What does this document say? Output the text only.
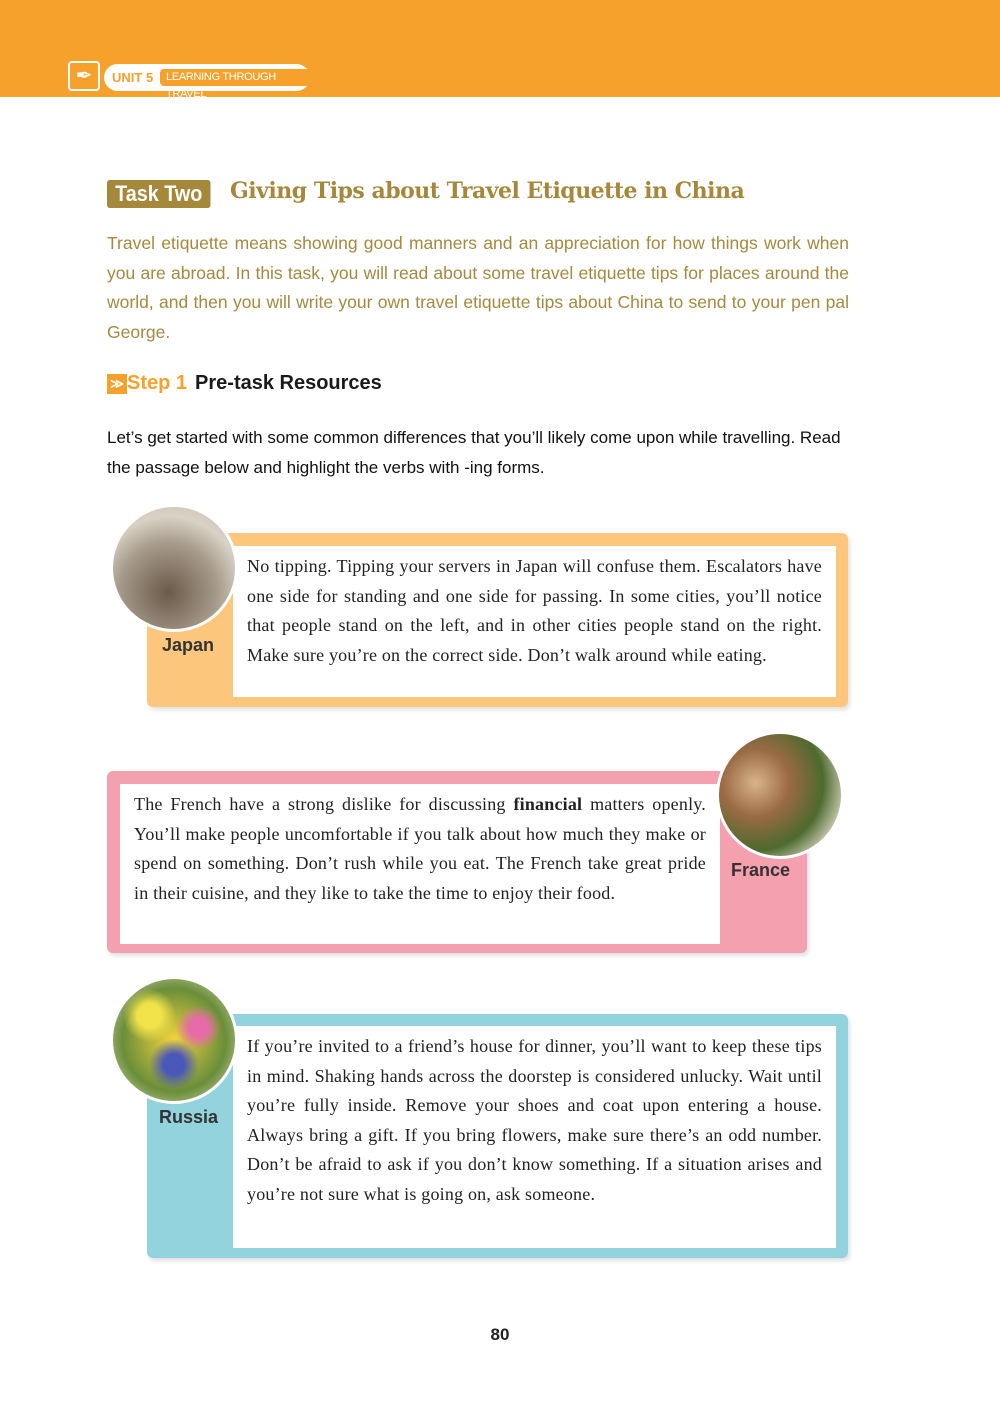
✒	UNIT 5	LEARNING THROUGH TRAVEL
Task Two	Giving Tips about Travel Etiquette in China
Travel etiquette means showing good manners and an appreciation for how things work when you are abroad. In this task, you will read about some travel etiquette tips for places around the world, and then you will write your own travel etiquette tips about China to send to your pen pal George.
≫ Step 1 Pre-task Resources
Let’s get started with some common differences that you’ll likely come upon while travelling. Read the passage below and highlight the verbs with -ing forms.
No tipping. Tipping your servers in Japan will confuse them. Escalators have one side for standing and one side for passing. In some cities, you’ll notice that people stand on the left, and in other cities people stand on the right. Make sure you’re on the correct side. Don’t walk around while eating.
Japan
The French have a strong dislike for discussing financial matters openly. You’ll make people uncomfortable if you talk about how much they make or spend on something. Don’t rush while you eat. The French take great pride in their cuisine, and they like to take the time to enjoy their food.
France
If you’re invited to a friend’s house for dinner, you’ll want to keep these tips in mind. Shaking hands across the doorstep is considered unlucky. Wait until you’re fully inside. Remove your shoes and coat upon entering a house. Always bring a gift. If you bring flowers, make sure there’s an odd number. Don’t be afraid to ask if you don’t know something. If a situation arises and you’re not sure what is going on, ask someone.
Russia
80
